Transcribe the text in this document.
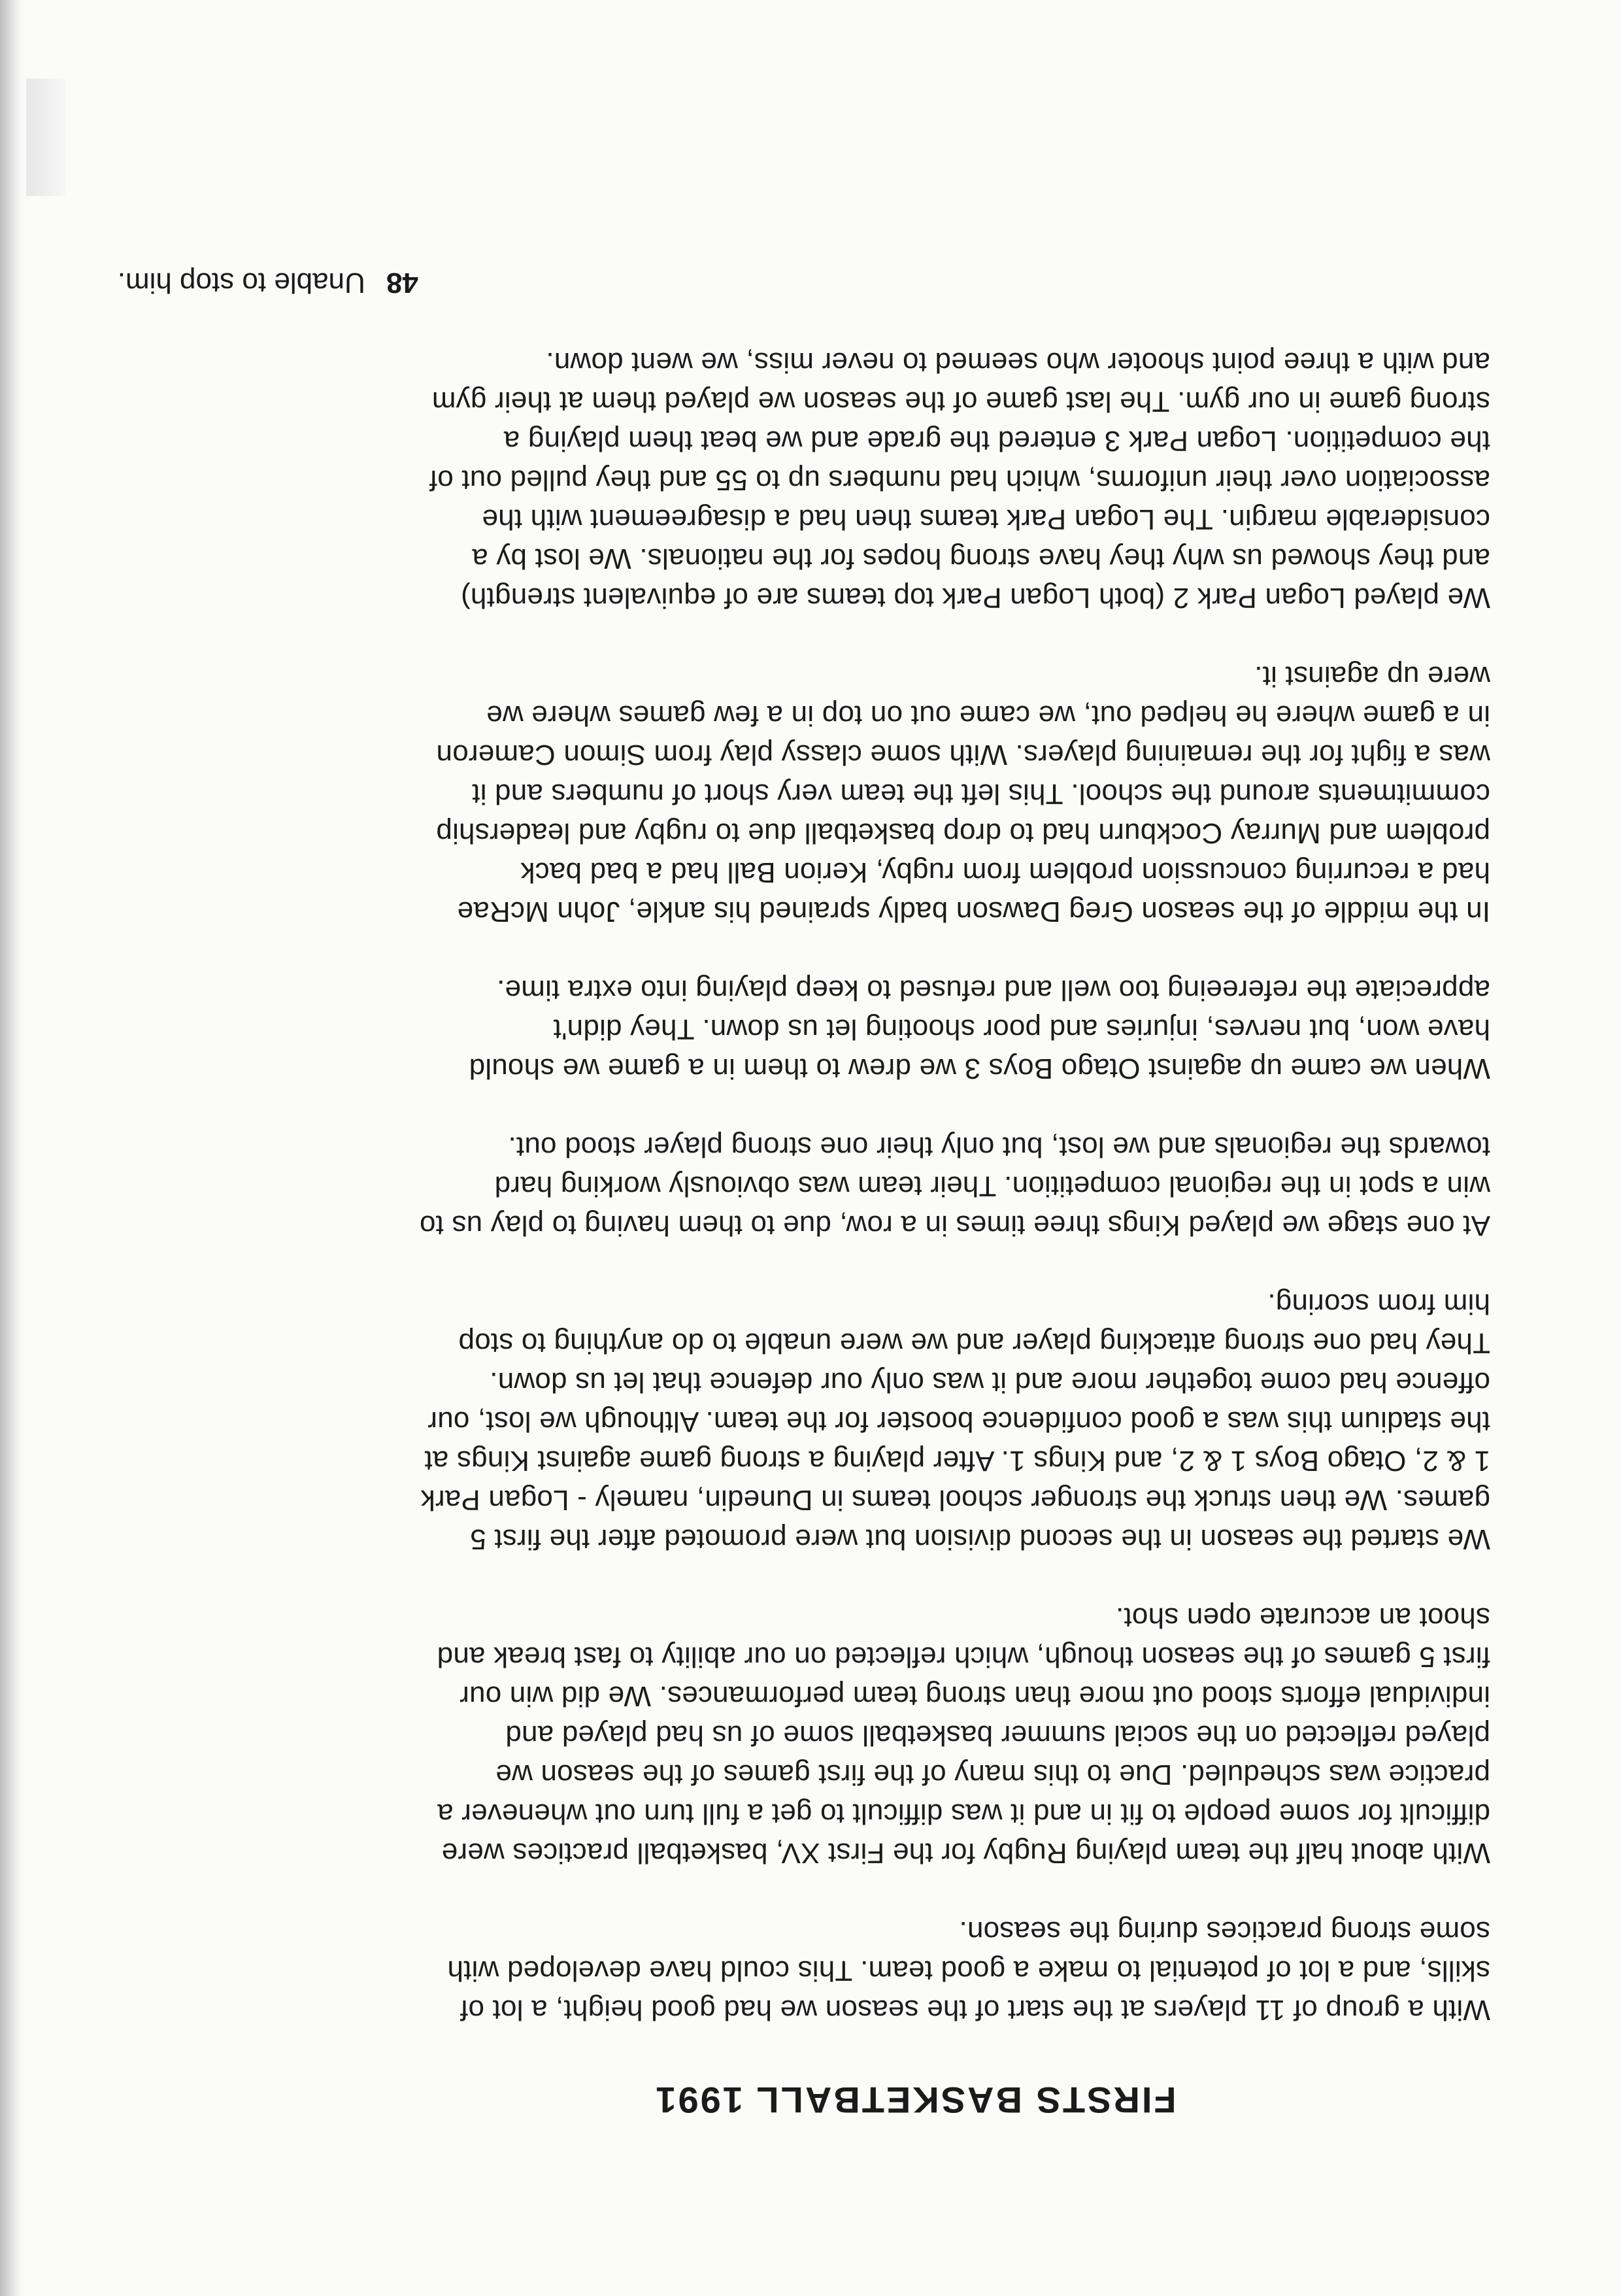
FIRSTS BASKETBALL 1991

With a group of 11 players at the start of the season we had good height, a lot of skills, and a lot of potential to make a good team. This could have developed with some strong practices during the season.

With about half the team playing Rugby for the First XV, basketball practices were difficult for some people to fit in and it was difficult to get a full turn out whenever a practice was scheduled. Due to this many of the first games of the season we played reflected on the social summer basketball some of us had played and individual efforts stood out more than strong team performances. We did win our first 5 games of the season though, which reflected on our ability to fast break and shoot an accurate open shot.

We started the season in the second division but were promoted after the first 5 games. We then struck the stronger school teams in Dunedin, namely - Logan Park 1 & 2, Otago Boys 1 & 2, and Kings 1. After playing a strong game against Kings at the stadium this was a good confidence booster for the team. Although we lost, our offence had come together more and it was only our defence that let us down. They had one strong attacking player and we were unable to do anything to stop him from scoring.

At one stage we played Kings three times in a row, due to them having to play us to win a spot in the regional competition. Their team was obviously working hard towards the regionals and we lost, but only their one strong player stood out.

When we came up against Otago Boys 3 we drew to them in a game we should have won, but nerves, injuries and poor shooting let us down. They didn't appreciate the refereeing too well and refused to keep playing into extra time.

In the middle of the season Greg Dawson badly sprained his ankle, John McRae had a recurring concussion problem from rugby, Kerion Ball had a bad back problem and Murray Cockburn had to drop basketball due to rugby and leadership commitments around the school. This left the team very short of numbers and it was a fight for the remaining players. With some classy play from Simon Cameron in a game where he helped out, we came out on top in a few games where we were up against it.

We played Logan Park 2 (both Logan Park top teams are of equivalent strength) and they showed us why they have strong hopes for the nationals. We lost by a considerable margin. The Logan Park teams then had a disagreement with the association over their uniforms, which had numbers up to 55 and they pulled out of the competition. Logan Park 3 entered the grade and we beat them playing a strong game in our gym. The last game of the season we played them at their gym and with a three point shooter who seemed to never miss, we went down.

48 Unable to stop him.
